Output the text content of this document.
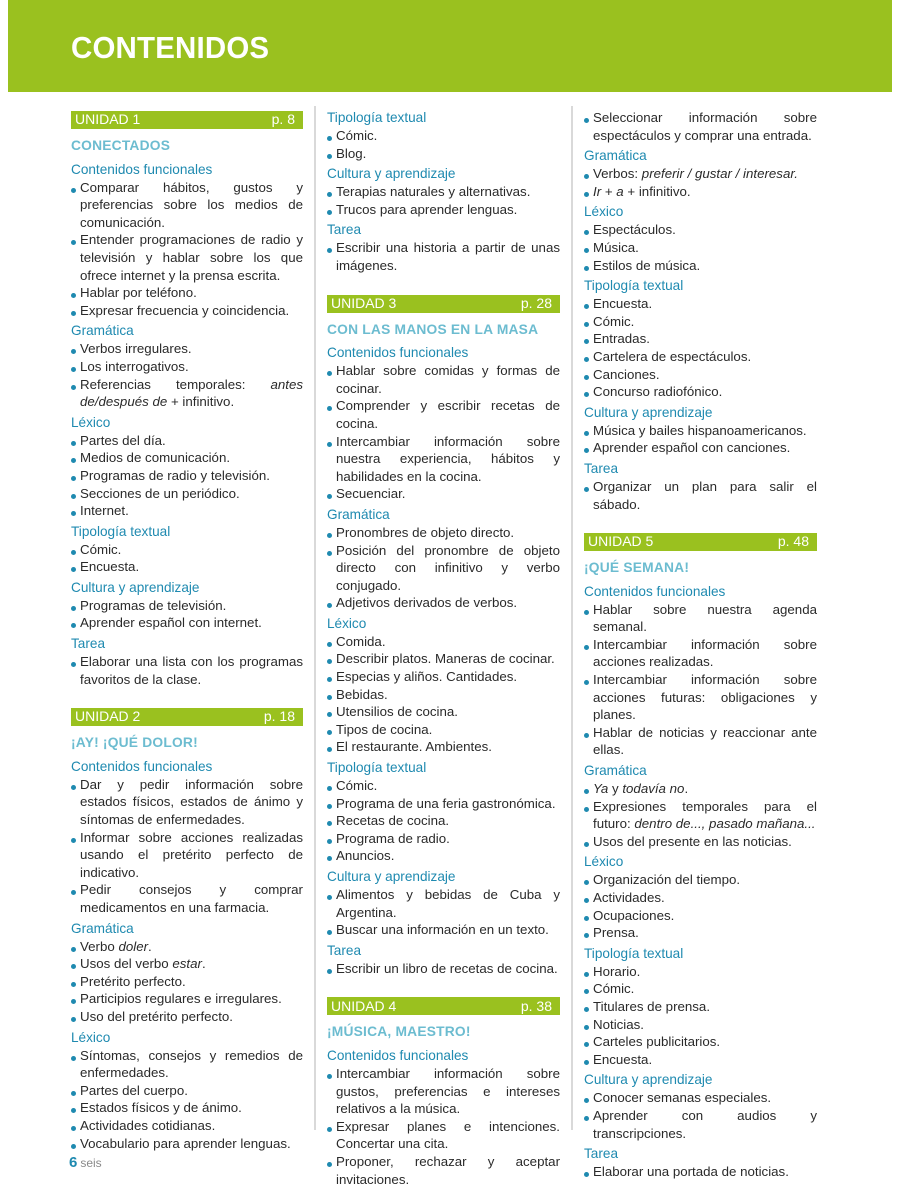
CONTENIDOS
UNIDAD 1	p. 8
CONECTADOS
Contenidos funcionales
Comparar hábitos, gustos y preferencias sobre los medios de comunicación.
Entender programaciones de radio y televisión y hablar sobre los que ofrece internet y la prensa escrita.
Hablar por teléfono.
Expresar frecuencia y coincidencia.
Gramática
Verbos irregulares.
Los interrogativos.
Referencias temporales: antes de/después de + infinitivo.
Léxico
Partes del día.
Medios de comunicación.
Programas de radio y televisión.
Secciones de un periódico.
Internet.
Tipología textual
Cómic.
Encuesta.
Cultura y aprendizaje
Programas de televisión.
Aprender español con internet.
Tarea
Elaborar una lista con los programas favoritos de la clase.
UNIDAD 2	p. 18
¡AY! ¡QUÉ DOLOR!
Contenidos funcionales
Dar y pedir información sobre estados físicos, estados de ánimo y síntomas de enfermedades.
Informar sobre acciones realizadas usando el pretérito perfecto de indicativo.
Pedir consejos y comprar medicamentos en una farmacia.
Gramática
Verbo doler.
Usos del verbo estar.
Pretérito perfecto.
Participios regulares e irregulares.
Uso del pretérito perfecto.
Léxico
Síntomas, consejos y remedios de enfermedades.
Partes del cuerpo.
Estados físicos y de ánimo.
Actividades cotidianas.
Vocabulario para aprender lenguas.
Tipología textual
Cómic.
Blog.
Cultura y aprendizaje
Terapias naturales y alternativas.
Trucos para aprender lenguas.
Tarea
Escribir una historia a partir de unas imágenes.
UNIDAD 3	p. 28
CON LAS MANOS EN LA MASA
Contenidos funcionales
Hablar sobre comidas y formas de cocinar.
Comprender y escribir recetas de cocina.
Intercambiar información sobre nuestra experiencia, hábitos y habilidades en la cocina.
Secuenciar.
Gramática
Pronombres de objeto directo.
Posición del pronombre de objeto directo con infinitivo y verbo conjugado.
Adjetivos derivados de verbos.
Léxico
Comida.
Describir platos. Maneras de cocinar.
Especias y aliños. Cantidades.
Bebidas.
Utensilios de cocina.
Tipos de cocina.
El restaurante. Ambientes.
Tipología textual
Cómic.
Programa de una feria gastronómica.
Recetas de cocina.
Programa de radio.
Anuncios.
Cultura y aprendizaje
Alimentos y bebidas de Cuba y Argentina.
Buscar una información en un texto.
Tarea
Escribir un libro de recetas de cocina.
UNIDAD 4	p. 38
¡MÚSICA, MAESTRO!
Contenidos funcionales
Intercambiar información sobre gustos, preferencias e intereses relativos a la música.
Expresar planes e intenciones. Concertar una cita.
Proponer, rechazar y aceptar invitaciones.
Seleccionar información sobre espectáculos y comprar una entrada.
Gramática
Verbos: preferir / gustar / interesar.
Ir + a + infinitivo.
Léxico
Espectáculos.
Música.
Estilos de música.
Tipología textual
Encuesta.
Cómic.
Entradas.
Cartelera de espectáculos.
Canciones.
Concurso radiofónico.
Cultura y aprendizaje
Música y bailes hispanoamericanos.
Aprender español con canciones.
Tarea
Organizar un plan para salir el sábado.
UNIDAD 5	p. 48
¡QUÉ SEMANA!
Contenidos funcionales
Hablar sobre nuestra agenda semanal.
Intercambiar información sobre acciones realizadas.
Intercambiar información sobre acciones futuras: obligaciones y planes.
Hablar de noticias y reaccionar ante ellas.
Gramática
Ya y todavía no.
Expresiones temporales para el futuro: dentro de..., pasado mañana...
Usos del presente en las noticias.
Léxico
Organización del tiempo.
Actividades.
Ocupaciones.
Prensa.
Tipología textual
Horario.
Cómic.
Titulares de prensa.
Noticias.
Carteles publicitarios.
Encuesta.
Cultura y aprendizaje
Conocer semanas especiales.
Aprender con audios y transcripciones.
Tarea
Elaborar una portada de noticias.
6 seis
